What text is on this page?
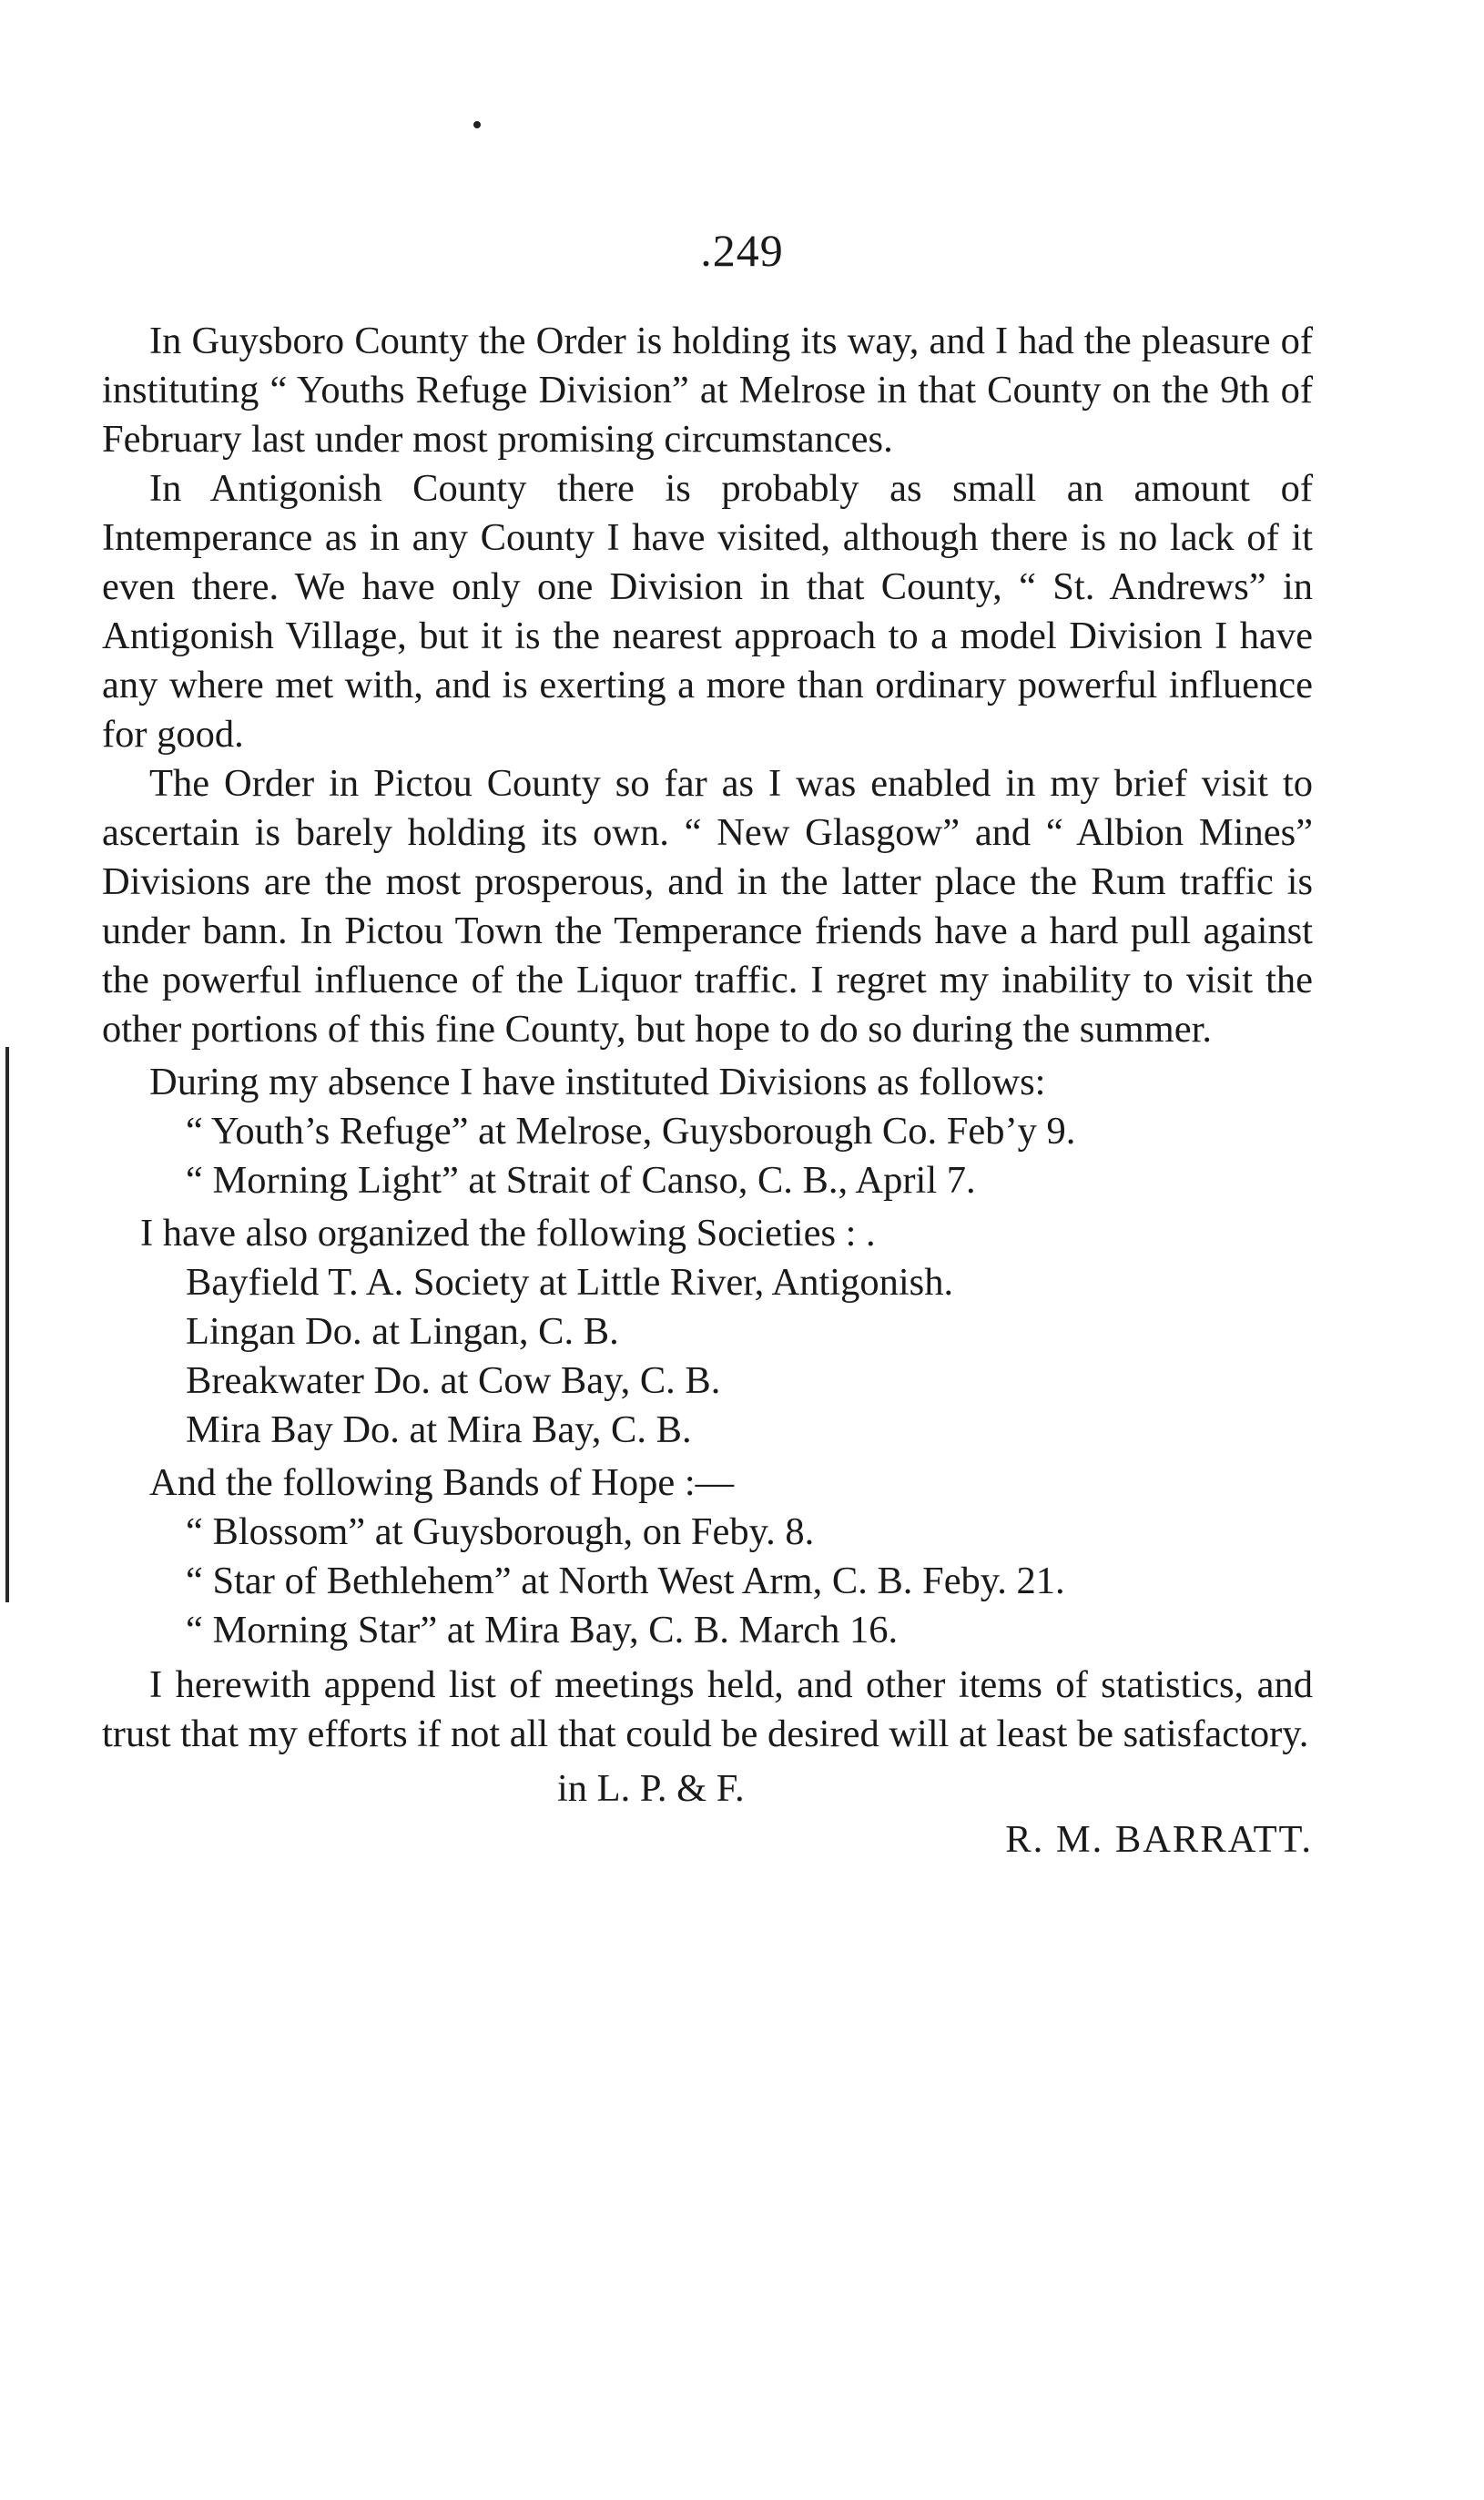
.249

In Guysboro County the Order is holding its way, and I had the pleasure of instituting “ Youths Refuge Division” at Melrose in that County on the 9th of February last under most promising circumstances.

In Antigonish County there is probably as small an amount of Intemperance as in any County I have visited, although there is no lack of it even there. We have only one Division in that County, “ St. Andrews” in Antigonish Village, but it is the nearest approach to a model Division I have any where met with, and is exerting a more than ordinary powerful influence for good.

The Order in Pictou County so far as I was enabled in my brief visit to ascertain is barely holding its own. “ New Glasgow” and “ Albion Mines” Divisions are the most prosperous, and in the latter place the Rum traffic is under bann. In Pictou Town the Temperance friends have a hard pull against the powerful influence of the Liquor traffic. I regret my inability to visit the other portions of this fine County, but hope to do so during the summer.

During my absence I have instituted Divisions as follows:

“ Youth’s Refuge” at Melrose, Guysborough Co. Feb’y 9.
“ Morning Light” at Strait of Canso, C. B., April 7.

I have also organized the following Societies : .

Bayfield T. A. Society at Little River, Antigonish.
Lingan Do. at Lingan, C. B.
Breakwater Do. at Cow Bay, C. B.
Mira Bay Do. at Mira Bay, C. B.

And the following Bands of Hope :—

“ Blossom” at Guysborough, on Feby. 8.
“ Star of Bethlehem” at North West Arm, C. B. Feby. 21.
“ Morning Star” at Mira Bay, C. B. March 16.

I herewith append list of meetings held, and other items of statistics, and trust that my efforts if not all that could be desired will at least be satisfactory.

in L. P. & F.
R. M. BARRATT.
